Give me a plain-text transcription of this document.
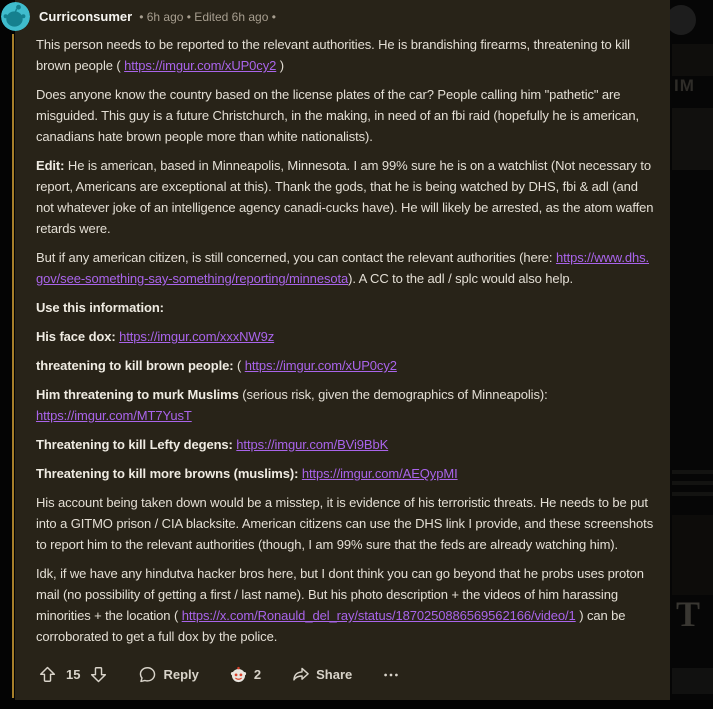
Curriconsumer • 6h ago • Edited 6h ago •

This person needs to be reported to the relevant authorities. He is brandishing firearms, threatening to kill brown people ( https://imgur.com/xUP0cy2 )

Does anyone know the country based on the license plates of the car? People calling him "pathetic" are misguided. This guy is a future Christchurch, in the making, in need of an fbi raid (hopefully he is american, canadians hate brown people more than white nationalists).

Edit: He is american, based in Minneapolis, Minnesota. I am 99% sure he is on a watchlist (Not necessary to report, Americans are exceptional at this). Thank the gods, that he is being watched by DHS, fbi & adl (and not whatever joke of an intelligence agency canadi-cucks have). He will likely be arrested, as the atom waffen retards were.

But if any american citizen, is still concerned, you can contact the relevant authorities (here: https://www.dhs.gov/see-something-say-something/reporting/minnesota). A CC to the adl / splc would also help.

Use this information:

His face dox: https://imgur.com/xxxNW9z

threatening to kill brown people: ( https://imgur.com/xUP0cy2

Him threatening to murk Muslims (serious risk, given the demographics of Minneapolis):
https://imgur.com/MT7YusT

Threatening to kill Lefty degens: https://imgur.com/BVi9BbK

Threatening to kill more browns (muslims): https://imgur.com/AEQypMI

His account being taken down would be a misstep, it is evidence of his terroristic threats. He needs to be put into a GITMO prison / CIA blacksite. American citizens can use the DHS link I provide, and these screenshots to report him to the relevant authorities (though, I am 99% sure that the feds are already watching him).

Idk, if we have any hindutva hacker bros here, but I dont think you can go beyond that he probs uses proton mail (no possibility of getting a first / last name). But his photo description + the videos of him harassing minorities + the location ( https://x.com/Ronauld_del_ray/status/1870250886569562166/video/1 ) can be corroborated to get a full dox by the police.

15	Reply	2	Share
IM
T
